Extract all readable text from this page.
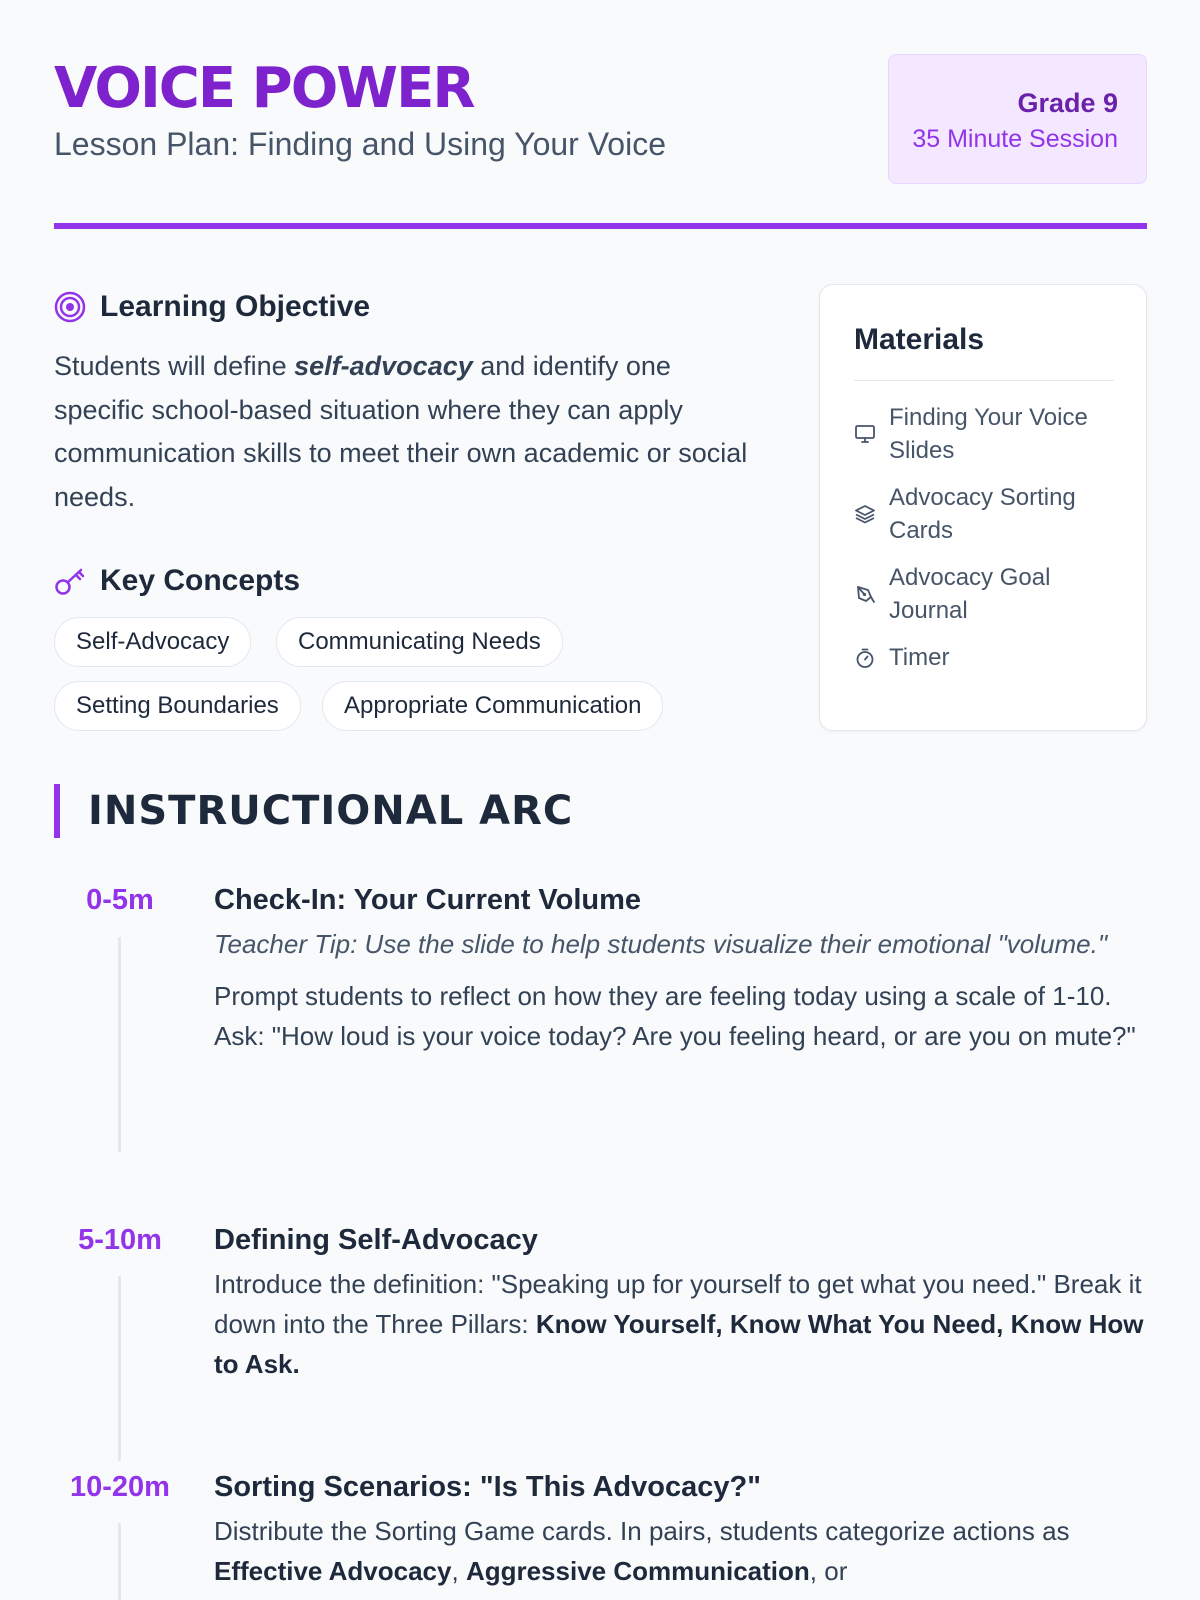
VOICE POWER
Lesson Plan: Finding and Using Your Voice
Grade 9
35 Minute Session
Learning Objective
Students will define self-advocacy and identify one specific school-based situation where they can apply communication skills to meet their own academic or social needs.
Key Concepts
Self-Advocacy	Communicating Needs
Setting Boundaries	Appropriate Communication
Materials
Finding Your Voice Slides
Advocacy Sorting Cards
Advocacy Goal Journal
Timer
INSTRUCTIONAL ARC
0-5m	Check-In: Your Current Volume
Teacher Tip: Use the slide to help students visualize their emotional "volume."
Prompt students to reflect on how they are feeling today using a scale of 1-10. Ask: "How loud is your voice today? Are you feeling heard, or are you on mute?"
5-10m	Defining Self-Advocacy
Introduce the definition: "Speaking up for yourself to get what you need." Break it down into the Three Pillars: Know Yourself, Know What You Need, Know How to Ask.
10-20m	Sorting Scenarios: "Is This Advocacy?"
Distribute the Sorting Game cards. In pairs, students categorize actions as Effective Advocacy, Aggressive Communication, or
